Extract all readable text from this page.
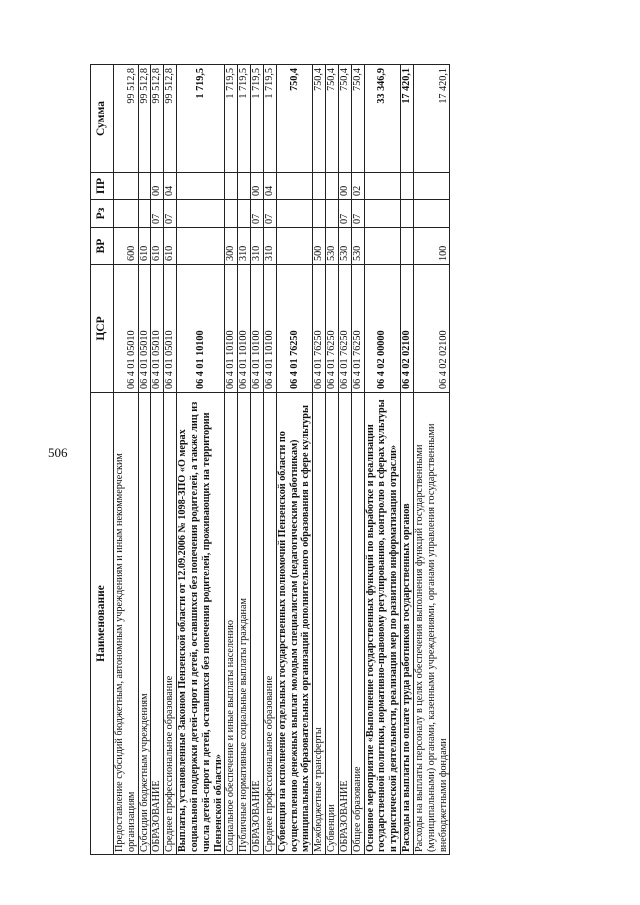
506
Наименование	ЦСР	ВР	Рз	ПР	Сумма
Предоставление субсидий бюджетным, автономным учреждениям и иным некоммерческим организациям	06 4 01 05010	600			99 512,8
Субсидии бюджетным учреждениям	06 4 01 05010	610			99 512,8
ОБРАЗОВАНИЕ	06 4 01 05010	610	07	00	99 512,8
Среднее профессиональное образование	06 4 01 05010	610	07	04	99 512,8
Выплаты, установленные Законом Пензенской области от 12.09.2006 № 1098-ЗПО «О мерах социальной поддержки детей-сирот и детей, оставшихся без попечения родителей, а также лиц из числа детей-сирот и детей, оставшихся без попечения родителей, проживающих на территории Пензенской области»	06 4 01 10100				1 719,5
Социальное обеспечение и иные выплаты населению	06 4 01 10100	300			1 719,5
Публичные нормативные социальные выплаты гражданам	06 4 01 10100	310			1 719,5
ОБРАЗОВАНИЕ	06 4 01 10100	310	07	00	1 719,5
Среднее профессиональное образование	06 4 01 10100	310	07	04	1 719,5
Субвенция на исполнение отдельных государственных полномочий Пензенской области по осуществлению денежных выплат молодым специалистам (педагогическим работникам) муниципальных образовательных организаций дополнительного образования в сфере культуры	06 4 01 76250				750,4
Межбюджетные трансферты	06 4 01 76250	500			750,4
Субвенции	06 4 01 76250	530			750,4
ОБРАЗОВАНИЕ	06 4 01 76250	530	07	00	750,4
Общее образование	06 4 01 76250	530	07	02	750,4
Основное мероприятие «Выполнение государственных функций по выработке и реализации государственной политики, нормативно-правовому регулированию, контролю в сферах культуры и туристической деятельности, реализации мер по развитию информатизации отрасли»	06 4 02 00000				33 346,9
Расходы на выплаты по оплате труда работников государственных органов	06 4 02 02100				17 420,1
Расходы на выплаты персоналу в целях обеспечения выполнения функций государственными (муниципальными) органами, казенными учреждениями, органами управления государственными внебюджетными фондами	06 4 02 02100	100			17 420,1
